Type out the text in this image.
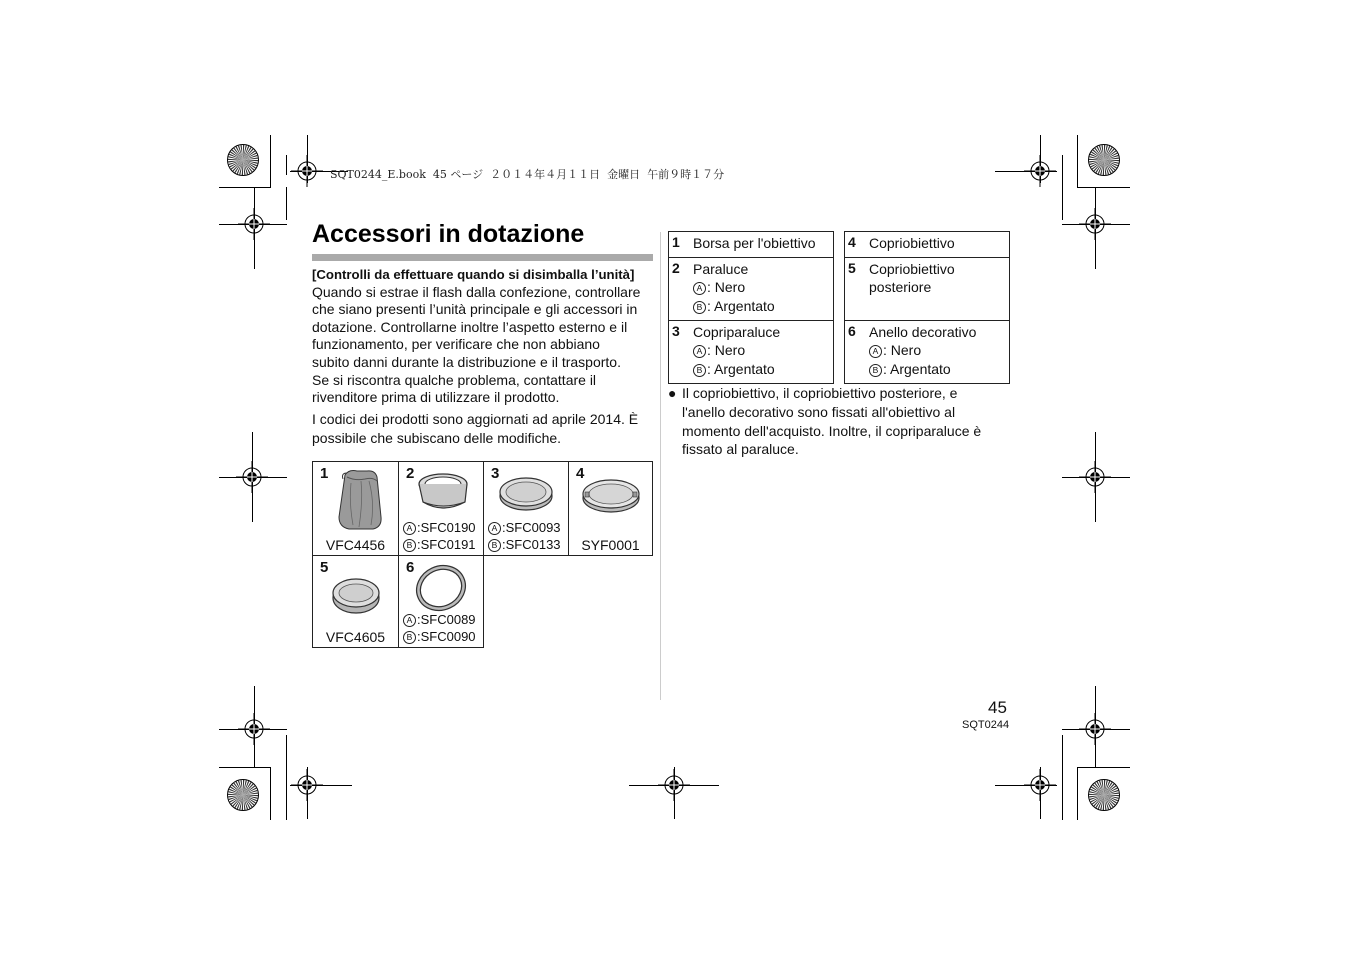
SQT0244_E.book  45 ページ  ２０１４年４月１１日  金曜日  午前９時１７分
Accessori in dotazione
[Controlli da effettuare quando si disimballa l’unità]

Quando si estrae il flash dalla confezione, controllare
che siano presenti l’unità principale e gli accessori in
dotazione. Controllarne inoltre l’aspetto esterno e il
funzionamento, per verificare che non abbiano
subito danni durante la distribuzione e il trasporto.
Se si riscontra qualche problema, contattare il
rivenditore prima di utilizzare il prodotto.

I codici dei prodotti sono aggiornati ad aprile 2014. È
possibile che subiscano delle modifiche.

1
VFC4456
2
A :SFC0190
B :SFC0191
3
A :SFC0093
B :SFC0133
4
SYF0001
5
VFC4605
6
A :SFC0089
B :SFC0090
1 Borsa per l'obiettivo
2 Paraluce
A : Nero
B : Argentato
3 Copriparaluce
A : Nero
B : Argentato
4 Copriobiettivo
5 Copriobiettivo
posteriore
6 Anello decorativo
A : Nero
B : Argentato
● Il copriobiettivo, il copriobiettivo posteriore, e
l'anello decorativo sono fissati all'obiettivo al
momento dell'acquisto. Inoltre, il copriparaluce è
fissato al paraluce.
45
SQT0244
